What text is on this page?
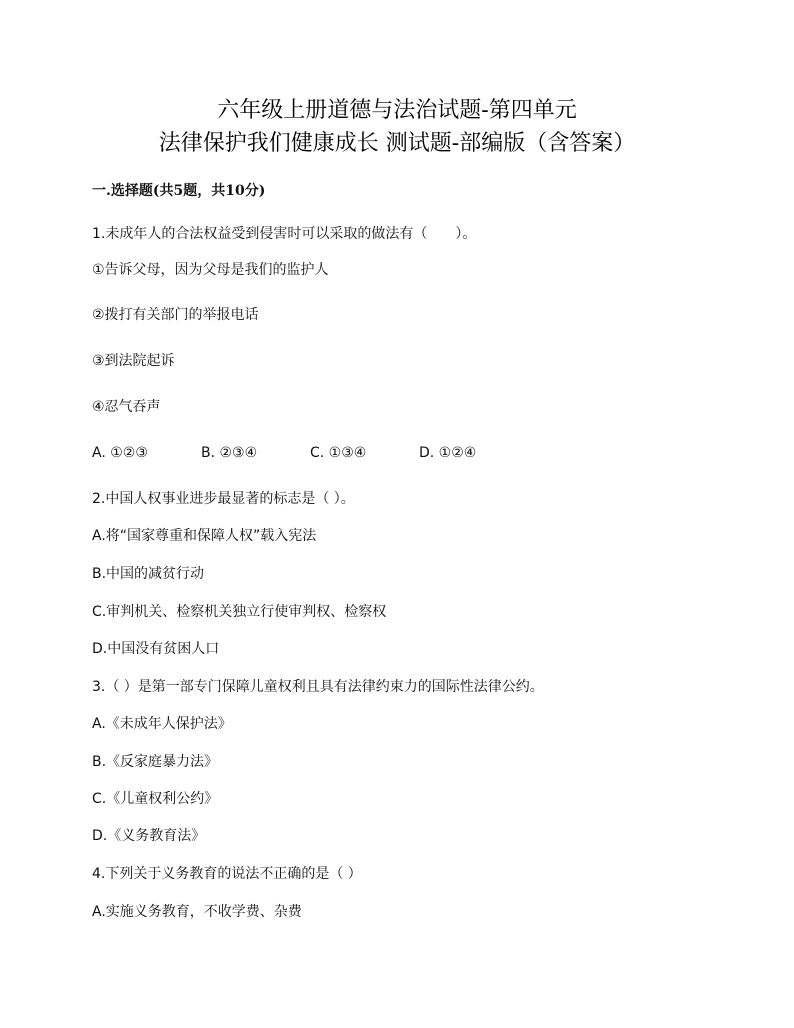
六年级上册道德与法治试题-第四单元
法律保护我们健康成长 测试题-部编版（含答案）
一.选择题(共5题，共10分)
1.未成年人的合法权益受到侵害时可以采取的做法有（　　）。
①告诉父母，因为父母是我们的监护人
②拨打有关部门的举报电话
③到法院起诉
④忍气吞声
A. ①②③	B. ②③④	C. ①③④	D. ①②④
2.中国人权事业进步最显著的标志是（ ）。
A.将“国家尊重和保障人权”载入宪法
B.中国的减贫行动
C.审判机关、检察机关独立行使审判权、检察权
D.中国没有贫困人口
3.（ ）是第一部专门保障儿童权利且具有法律约束力的国际性法律公约。
A.《未成年人保护法》
B.《反家庭暴力法》
C.《儿童权利公约》
D.《义务教育法》
4.下列关于义务教育的说法不正确的是（ ）
A.实施义务教育，不收学费、杂费
